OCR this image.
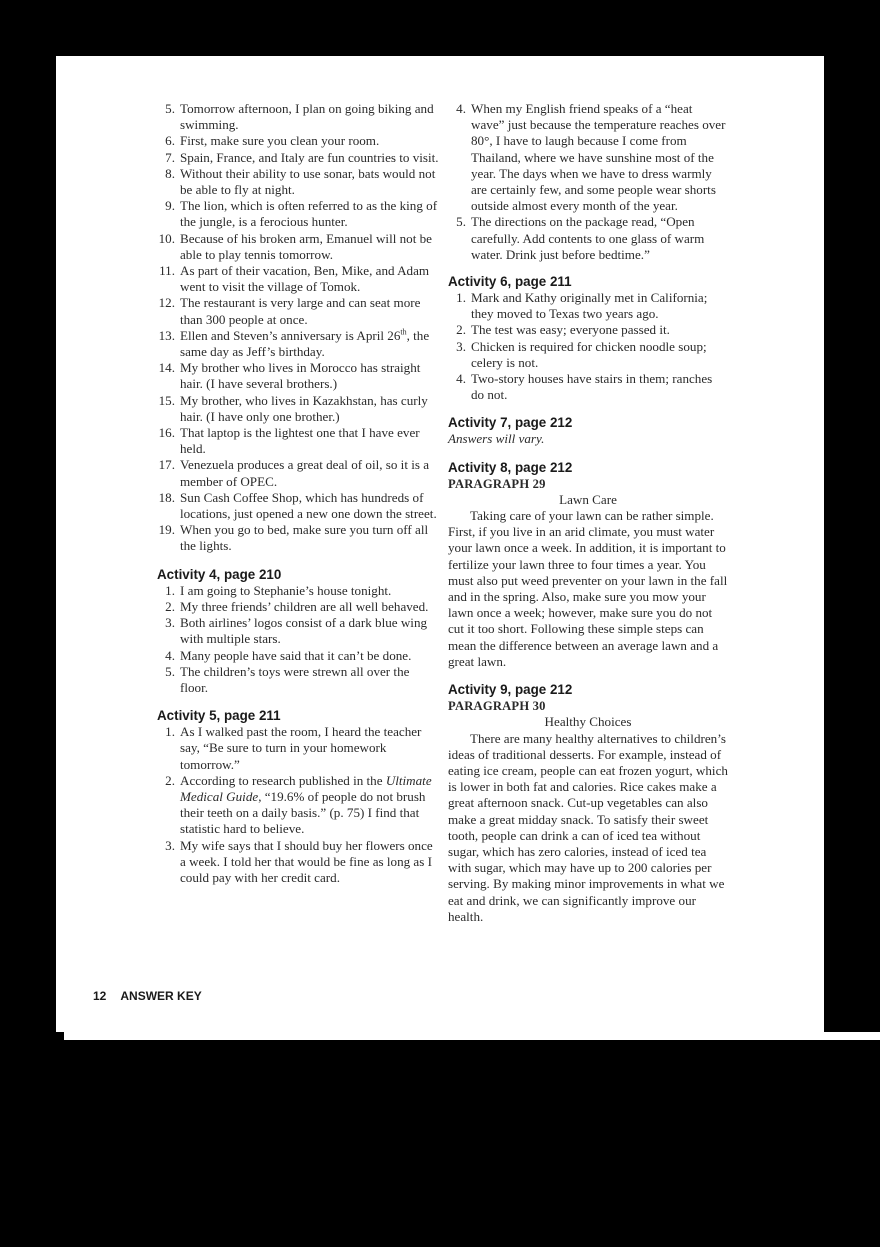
5. Tomorrow afternoon, I plan on going biking and swimming.
6. First, make sure you clean your room.
7. Spain, France, and Italy are fun countries to visit.
8. Without their ability to use sonar, bats would not be able to fly at night.
9. The lion, which is often referred to as the king of the jungle, is a ferocious hunter.
10. Because of his broken arm, Emanuel will not be able to play tennis tomorrow.
11. As part of their vacation, Ben, Mike, and Adam went to visit the village of Tomok.
12. The restaurant is very large and can seat more than 300 people at once.
13. Ellen and Steven’s anniversary is April 26th, the same day as Jeff’s birthday.
14. My brother who lives in Morocco has straight hair. (I have several brothers.)
15. My brother, who lives in Kazakhstan, has curly hair. (I have only one brother.)
16. That laptop is the lightest one that I have ever held.
17. Venezuela produces a great deal of oil, so it is a member of OPEC.
18. Sun Cash Coffee Shop, which has hundreds of locations, just opened a new one down the street.
19. When you go to bed, make sure you turn off all the lights.
Activity 4, page 210
1. I am going to Stephanie’s house tonight.
2. My three friends’ children are all well behaved.
3. Both airlines’ logos consist of a dark blue wing with multiple stars.
4. Many people have said that it can’t be done.
5. The children’s toys were strewn all over the floor.
Activity 5, page 211
1. As I walked past the room, I heard the teacher say, “Be sure to turn in your homework tomorrow.”
2. According to research published in the Ultimate Medical Guide, “19.6% of people do not brush their teeth on a daily basis.” (p. 75) I find that statistic hard to believe.
3. My wife says that I should buy her flowers once a week. I told her that would be fine as long as I could pay with her credit card.
4. When my English friend speaks of a “heat wave” just because the temperature reaches over 80°, I have to laugh because I come from Thailand, where we have sunshine most of the year. The days when we have to dress warmly are certainly few, and some people wear shorts outside almost every month of the year.
5. The directions on the package read, “Open carefully. Add contents to one glass of warm water. Drink just before bedtime.”
Activity 6, page 211
1. Mark and Kathy originally met in California; they moved to Texas two years ago.
2. The test was easy; everyone passed it.
3. Chicken is required for chicken noodle soup; celery is not.
4. Two-story houses have stairs in them; ranches do not.
Activity 7, page 212
Answers will vary.
Activity 8, page 212
PARAGRAPH 29
Lawn Care
Taking care of your lawn can be rather simple. First, if you live in an arid climate, you must water your lawn once a week. In addition, it is important to fertilize your lawn three to four times a year. You must also put weed preventer on your lawn in the fall and in the spring. Also, make sure you mow your lawn once a week; however, make sure you do not cut it too short. Following these simple steps can mean the difference between an average lawn and a great lawn.
Activity 9, page 212
PARAGRAPH 30
Healthy Choices
There are many healthy alternatives to children’s ideas of traditional desserts. For example, instead of eating ice cream, people can eat frozen yogurt, which is lower in both fat and calories. Rice cakes make a great afternoon snack. Cut-up vegetables can also make a great midday snack. To satisfy their sweet tooth, people can drink a can of iced tea without sugar, which has zero calories, instead of iced tea with sugar, which may have up to 200 calories per serving. By making minor improvements in what we eat and drink, we can significantly improve our health.
12 ANSWER KEY
